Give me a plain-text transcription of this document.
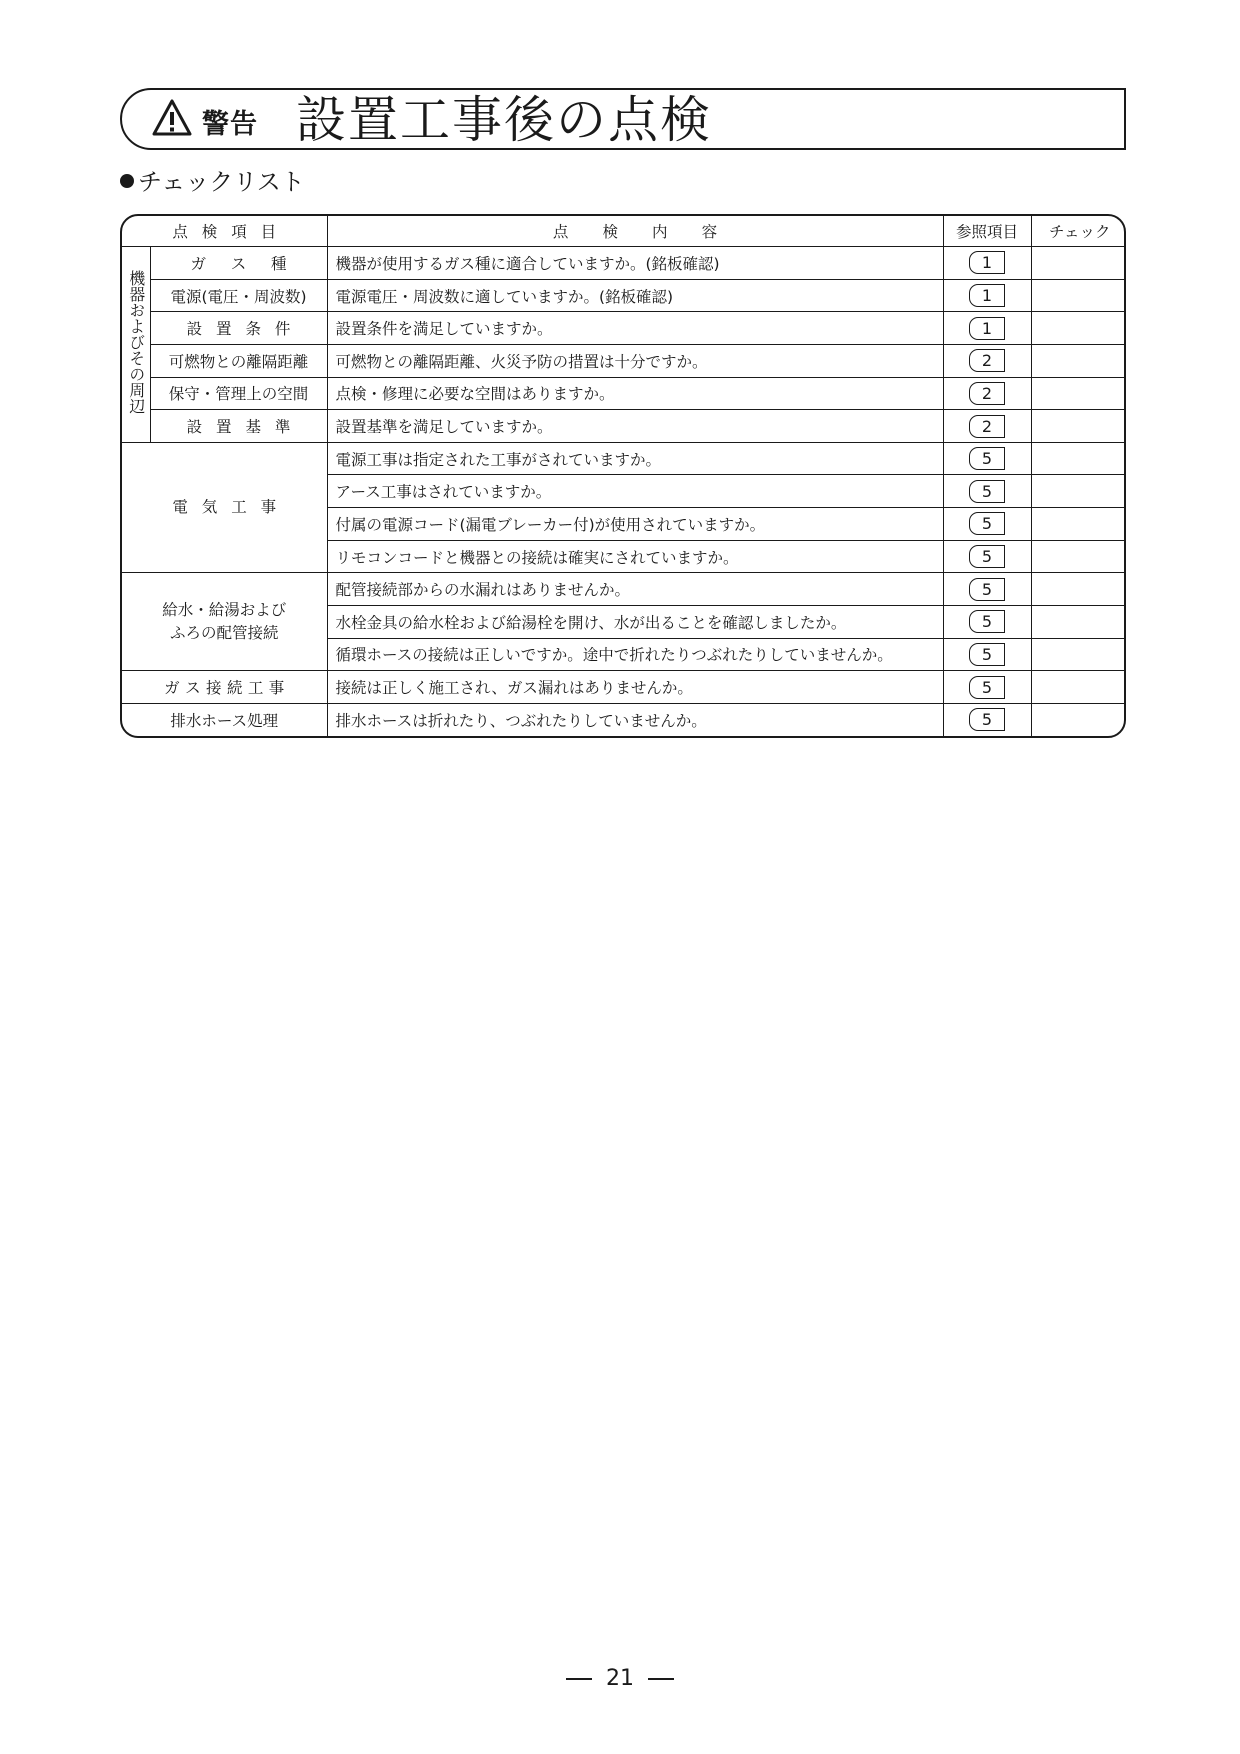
警告 設置工事後の点検
チェックリスト
点検項目		点検内容	参照項目	チェック
機器およびその周辺	ガス種	機器が使用するガス種に適合していますか。(銘板確認)	1	
	電源(電圧・周波数)	電源電圧・周波数に適していますか。(銘板確認)	1	
	設置条件	設置条件を満足していますか。	1	
	可燃物との離隔距離	可燃物との離隔距離、火災予防の措置は十分ですか。	2	
	保守・管理上の空間	点検・修理に必要な空間はありますか。	2	
	設置基準	設置基準を満足していますか。	2	
電気工事		電源工事は指定された工事がされていますか。	5	
		アース工事はされていますか。	5	
		付属の電源コード(漏電ブレーカー付)が使用されていますか。	5	
		リモコンコードと機器との接続は確実にされていますか。	5	
給水・給湯および
ふろの配管接続		配管接続部からの水漏れはありませんか。	5	
		水栓金具の給水栓および給湯栓を開け、水が出ることを確認しましたか。	5	
		循環ホースの接続は正しいですか。途中で折れたりつぶれたりしていませんか。	5	
ガス接続工事		接続は正しく施工され、ガス漏れはありませんか。	5	
排水ホース処理		排水ホースは折れたり、つぶれたりしていませんか。	5	
21
